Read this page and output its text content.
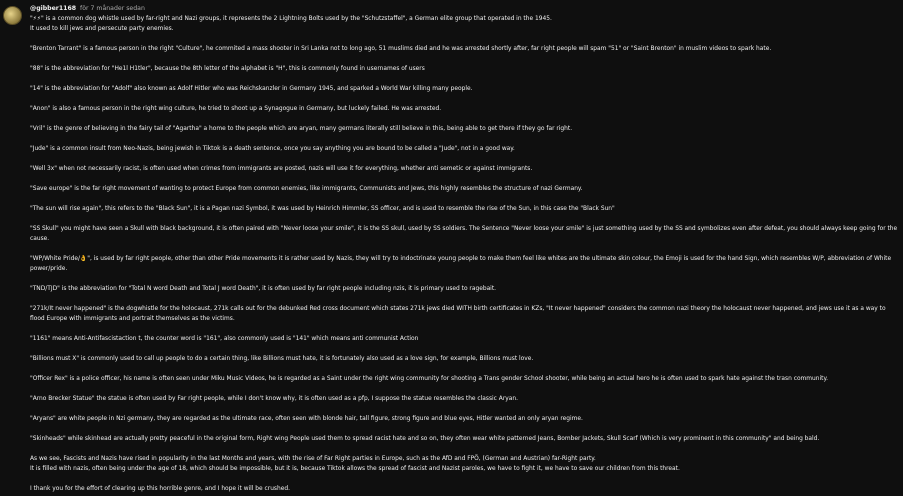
@gibber1168 för 7 månader sedan

"⚡⚡" is a common dog whistle used by far-right and Nazi groups, it represents the 2 Lightning Bolts used by the "Schutzstaffel", a German elite group that operated in the 1945.

It used to kill jews and persecute party enemies.

"Brenton Tarrant" is a famous person in the right "Culture", he commited a mass shooter in Sri Lanka not to long ago, 51 muslims died and he was arrested shortly after, far right people will spam "51" or "Saint Brenton" in muslim videos to spark hate.

"88" is the abbreviation for "He1l H1tler", because the 8th letter of the alphabet is "H", this is commonly found in usernames of users

"14" is the abbreviation for "Adolf" also known as Adolf Hitler who was Reichskanzler in Germany 1945, and sparked a World War killing many people.

"Anon" is also a famous person in the right wing culture, he tried to shoot up a Synagogue in Germany, but luckely failed. He was arrested.

"Vril" is the genre of believing in the fairy tail of "Agartha" a home to the people which are aryan, many germans literally still believe in this, being able to get there if they go far right.

"Jude" is a common insult from Neo-Nazis, being jewish in Tiktok is a death sentence, once you say anything you are bound to be called a "Jude", not in a good way.

"Well 3x" when not necessarily racist, is often used when crimes from immigrants are posted, nazis will use it for everything, whether anti semetic or against immigrants.

"Save europe" is the far right movement of wanting to protect Europe from common enemies, like immigrants, Communists and Jews, this highly resembles the structure of nazi Germany.

"The sun will rise again", this refers to the "Black Sun", it is a Pagan nazi Symbol, it was used by Heinrich Himmler, SS officer, and is used to resemble the rise of the Sun, in this case the "Black Sun"

"SS Skull" you might have seen a Skull with black background, it is often paired with "Never loose your smile", it is the SS skull, used by SS soldiers. The Sentence "Never loose your smile" is just something used by the SS and symbolizes even after defeat, you should always keep going for the cause.

"WP/White Pride/👌", is used by far right people, other than other Pride movements it is rather used by Nazis, they will try to indoctrinate young people to make them feel like whites are the ultimate skin colour, the Emoji is used for the hand Sign, which resembles W/P, abbreviation of White power/pride.

"TND/TJD" is the abbreviation for "Total N word Death and Total J word Death", it is often used by far right people including nzis, it is primary used to ragebait.

"271k/It never happened" is the dogwhistle for the holocaust, 271k calls out for the debunked Red cross document which states 271k jews died WITH birth certificates in KZs, "It never happened" considers the common nazi theory the holocaust never happened, and jews use it as a way to flood Europe with immigrants and portrait themselves as the victims.

"1161" means Anti-Antifascistaction t, the counter word is "161", also commonly used is "141" which means anti communist Action

"Billions must X" is commonly used to call up people to do a certain thing, like Billions must hate, it is fortunately also used as a love sign, for example, Billions must love.

"Officer Rex" is a police officer, his name is often seen under Miku Music Videos, he is regarded as a Saint under the right wing community for shooting a Trans gender School shooter, while being an actual hero he is often used to spark hate against the trasn community.

"Arno Brecker Statue" the statue is often used by Far right people, while I don't know why, it is often used as a pfp, I suppose the statue resembles the classic Aryan.

"Aryans" are white people in Nzi germany, they are regarded as the ultimate race, often seen with blonde hair, tall figure, strong figure and blue eyes, Hitler wanted an only aryan regime.

"Skinheads" while skinhead are actually pretty peaceful in the original form, Right wing People used them to spread racist hate and so on, they often wear white patterned Jeans, Bomber Jackets, Skull Scarf (Which is very prominent in this community" and being bald.

As we see, Fascists and Nazis have rised in popularity in the last Months and years, with the rise of Far Right parties in Europe, such as the AfD and FPÖ, (German and Austrian) far-Right party.

It is filled with nazis, often being under the age of 18, which should be impossible, but it is, because Tiktok allows the spread of fascist and Nazist paroles, we have to fight it, we have to save our children from this threat.

I thank you for the effort of clearing up this horrible genre, and I hope it will be crushed.
